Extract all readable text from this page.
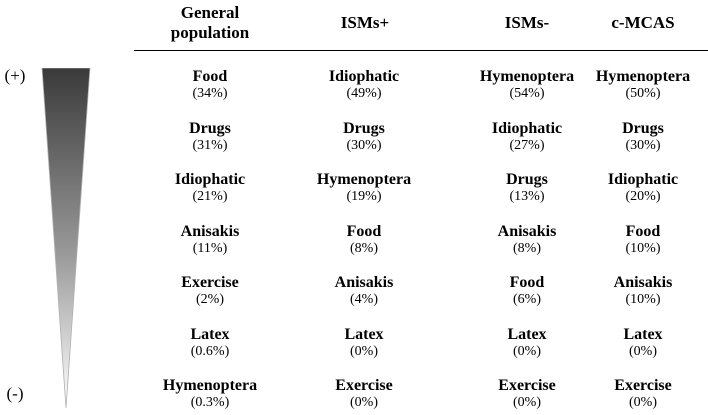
General
population
ISMs+	ISMs-	c-MCAS
(+)
(-)
Food
(34%)
Drugs
(31%)
Idiophatic
(21%)
Anisakis
(11%)
Exercise
(2%)
Latex
(0.6%)
Hymenoptera
(0.3%)
Idiophatic
(49%)
Drugs
(30%)
Hymenoptera
(19%)
Food
(8%)
Anisakis
(4%)
Latex
(0%)
Exercise
(0%)
Hymenoptera
(54%)
Idiophatic
(27%)
Drugs
(13%)
Anisakis
(8%)
Food
(6%)
Latex
(0%)
Exercise
(0%)
Hymenoptera
(50%)
Drugs
(30%)
Idiophatic
(20%)
Food
(10%)
Anisakis
(10%)
Latex
(0%)
Exercise
(0%)
